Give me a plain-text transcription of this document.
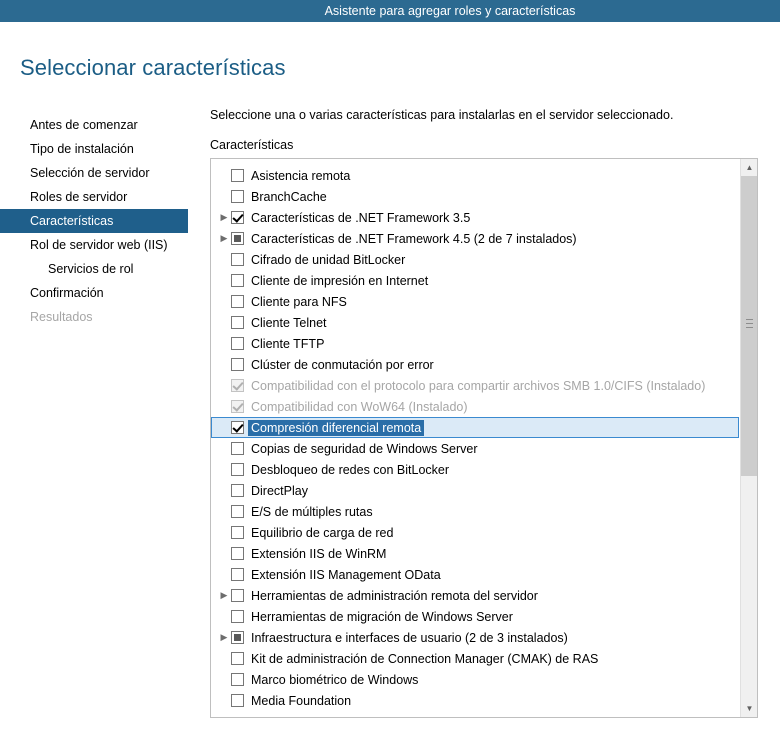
Asistente para agregar roles y características
Seleccionar características
Antes de comenzar
Tipo de instalación
Selección de servidor
Roles de servidor
Características
Rol de servidor web (IIS)
Servicios de rol
Confirmación
Resultados
Seleccione una o varias características para instalarlas en el servidor seleccionado.
Características
Asistencia remota
BranchCache
▶ Características de .NET Framework 3.5
▶ Características de .NET Framework 4.5 (2 de 7 instalados)
Cifrado de unidad BitLocker
Cliente de impresión en Internet
Cliente para NFS
Cliente Telnet
Cliente TFTP
Clúster de conmutación por error
Compatibilidad con el protocolo para compartir archivos SMB 1.0/CIFS (Instalado)
Compatibilidad con WoW64 (Instalado)
Compresión diferencial remota
Copias de seguridad de Windows Server
Desbloqueo de redes con BitLocker
DirectPlay
E/S de múltiples rutas
Equilibrio de carga de red
Extensión IIS de WinRM
Extensión IIS Management OData
▶ Herramientas de administración remota del servidor
Herramientas de migración de Windows Server
▶ Infraestructura e interfaces de usuario (2 de 3 instalados)
Kit de administración de Connection Manager (CMAK) de RAS
Marco biométrico de Windows
Media Foundation
▲
▼
